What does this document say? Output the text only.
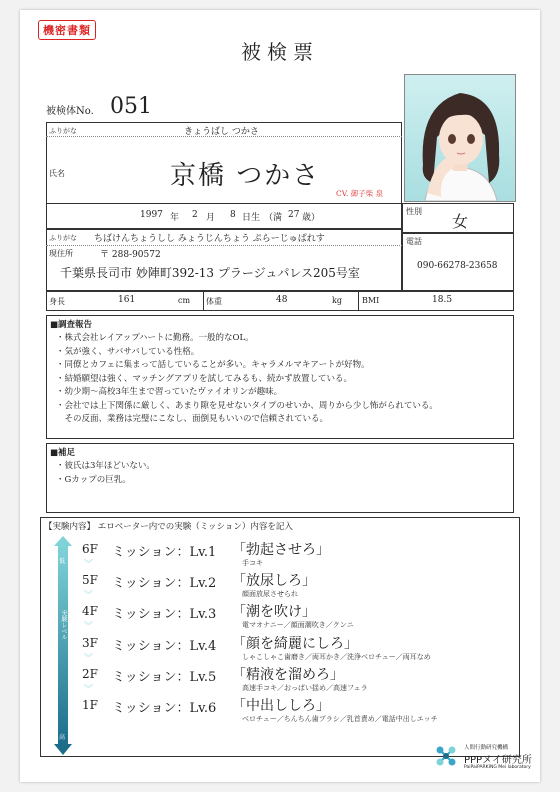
機密書類
被検票
被検体No. 051
ふりがな	きょうばし つかさ
氏名	京橋 つかさ
CV. 御子柴 泉
1997 年 2 月 8 日生 （満 27 歳）
性別
女
ふりがな ちばけんちょうしし みょうじんちょう ぷらーじゅぱれす
現住所	〒 288-90572
千葉県長司市 妙陣町392-13 プラージュパレス205号室
電話
090-66278-23658
身長	161	cm 体重	48	kg	BMI	18.5
■調査報告
・株式会社レイアップハートに勤務。一般的なOL。
・気が強く、サバサバしている性格。
・同僚とカフェに集まって話していることが多い。キャラメルマキアートが好物。
・結婚願望は強く、マッチングアプリを試してみるも、続かず放置している。
・幼少期～高校3年生まで習っていたヴァイオリンが趣味。
・会社では上下関係に厳しく、あまり隙を見せないタイプのせいか、周りから少し怖がられている。
　その反面、業務は完璧にこなし、面倒見もいいので信頼されている。
■補足
・彼氏は3年ほどいない。
・Gカップの巨乳。
【実験内容】 エロベーター内での実験（ミッション）内容を記入
低
実験レベル
高
6F ミッション：Lv.1 「勃起させろ」
手コキ
︾
5F ミッション：Lv.2 「放尿しろ」
顔面放尿させられ
︾
4F ミッション：Lv.3 「潮を吹け」
電マオナニー／顔面潮吹き／クンニ
︾
3F ミッション：Lv.4 「顔を綺麗にしろ」
しゃこしゃこ歯磨き／両耳かき／洗浄ベロチュー／両耳なめ
︾
2F ミッション：Lv.5 「精液を溜めろ」
高速手コキ／おっぱい揺め／高速フェラ
︾
1F ミッション：Lv.6 「中出ししろ」
ベロチュー／ちんちん歯ブラシ／乳首責め／電話中出しエッチ
人間行動研究機構
PPPメイ研究所
PaiPaiPARKING Mei laboratory
